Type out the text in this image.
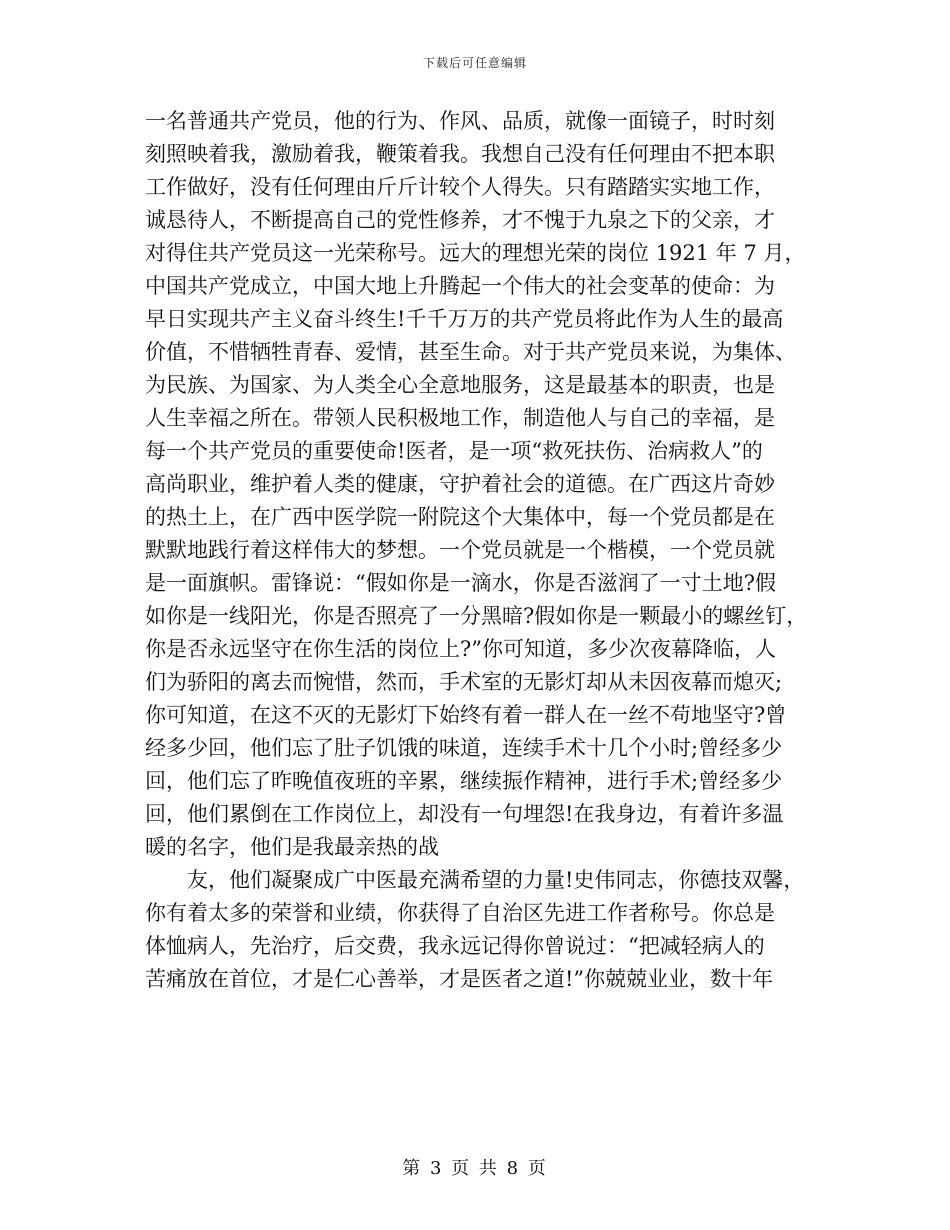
下载后可任意编辑
一名普通共产党员，他的行为、作风、品质，就像一面镜子，时时刻
刻照映着我，激励着我，鞭策着我。我想自己没有任何理由不把本职
工作做好，没有任何理由斤斤计较个人得失。只有踏踏实实地工作，
诚恳待人，不断提高自己的党性修养，才不愧于九泉之下的父亲，才
对得住共产党员这一光荣称号。远大的理想光荣的岗位 1921 年 7 月，
中国共产党成立，中国大地上升腾起一个伟大的社会变革的使命：为
早日实现共产主义奋斗终生!千千万万的共产党员将此作为人生的最高
价值，不惜牺牲青春、爱情，甚至生命。对于共产党员来说，为集体、
为民族、为国家、为人类全心全意地服务，这是最基本的职责，也是
人生幸福之所在。带领人民积极地工作，制造他人与自己的幸福，是
每一个共产党员的重要使命!医者，是一项“救死扶伤、治病救人”的
高尚职业，维护着人类的健康，守护着社会的道德。在广西这片奇妙
的热土上，在广西中医学院一附院这个大集体中，每一个党员都是在
默默地践行着这样伟大的梦想。一个党员就是一个楷模，一个党员就
是一面旗帜。雷锋说：“假如你是一滴水，你是否滋润了一寸土地?假
如你是一线阳光，你是否照亮了一分黑暗?假如你是一颗最小的螺丝钉，
你是否永远坚守在你生活的岗位上?”你可知道，多少次夜幕降临，人
们为骄阳的离去而惋惜，然而，手术室的无影灯却从未因夜幕而熄灭;
你可知道，在这不灭的无影灯下始终有着一群人在一丝不苟地坚守?曾
经多少回，他们忘了肚子饥饿的味道，连续手术十几个小时;曾经多少
回，他们忘了昨晚值夜班的辛累，继续振作精神，进行手术;曾经多少
回，他们累倒在工作岗位上，却没有一句埋怨!在我身边，有着许多温
暖的名字，他们是我最亲热的战
友，他们凝聚成广中医最充满希望的力量!史伟同志，你德技双馨，
你有着太多的荣誉和业绩，你获得了自治区先进工作者称号。你总是
体恤病人，先治疗，后交费，我永远记得你曾说过：“把减轻病人的
苦痛放在首位，才是仁心善举，才是医者之道!”你兢兢业业，数十年
第 3 页 共 8 页
